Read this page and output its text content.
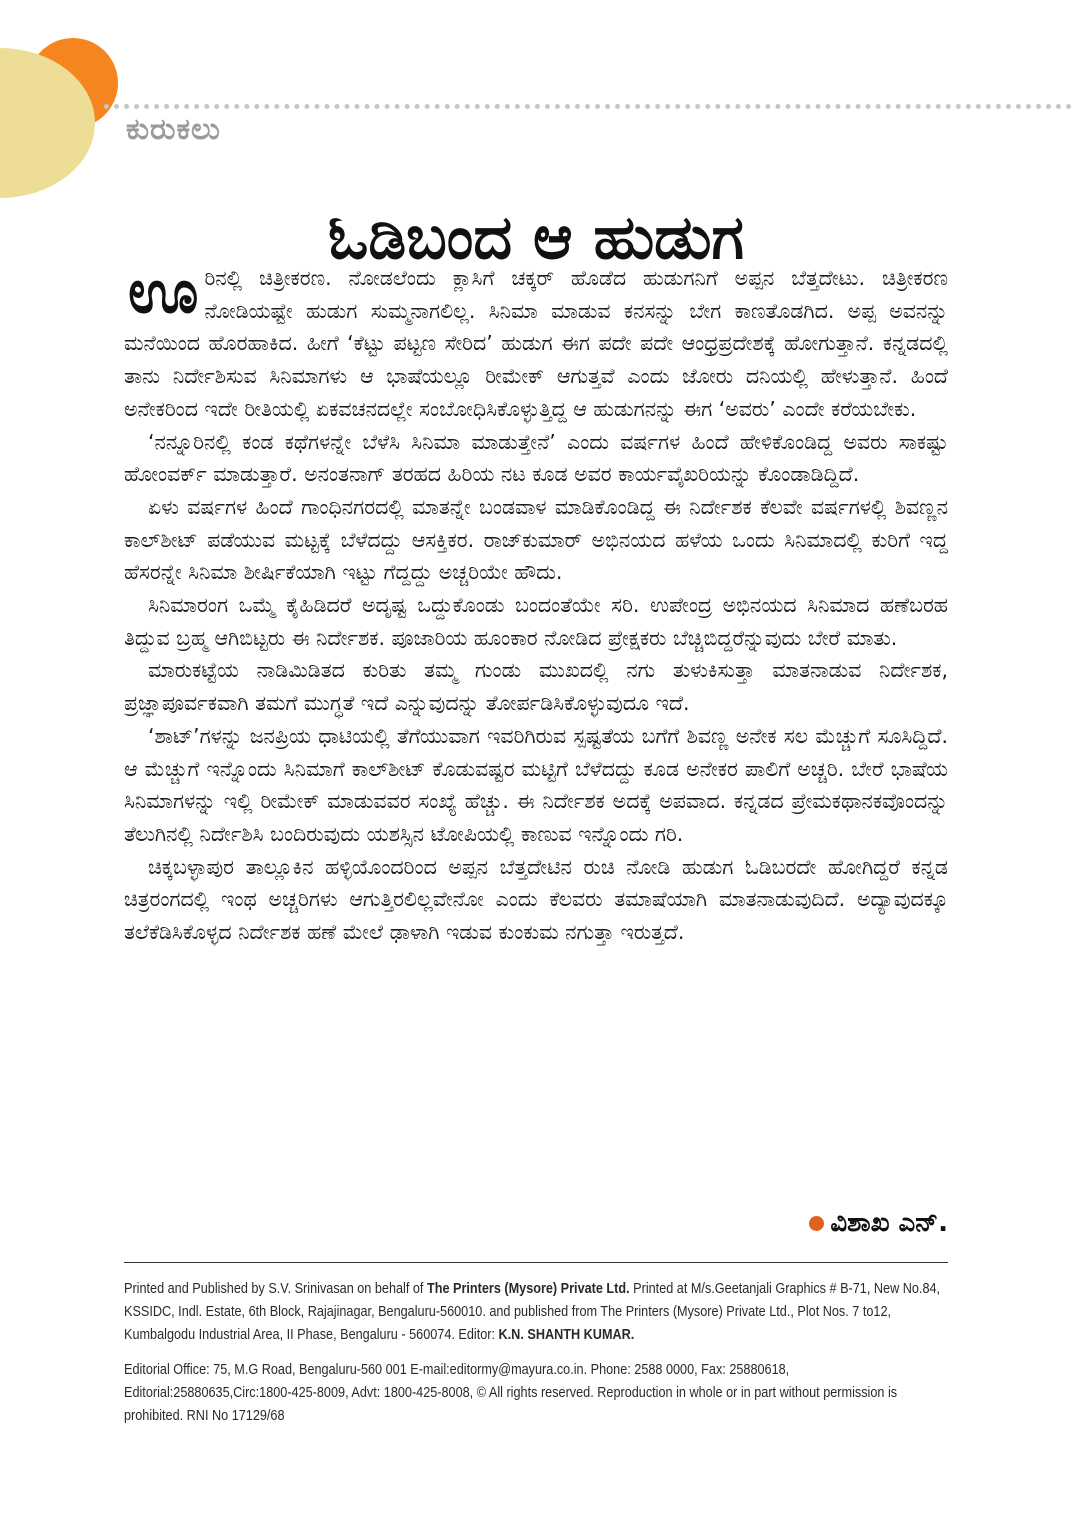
ಕುರುಕಲು
ಓಡಿಬಂದ ಆ ಹುಡುಗ

ಊರಿನಲ್ಲಿ ಚಿತ್ರೀಕರಣ. ನೋಡಲೆಂದು ಕ್ಲಾಸಿಗೆ ಚಕ್ಕರ್ ಹೊಡೆದ ಹುಡುಗನಿಗೆ ಅಪ್ಪನ ಬೆತ್ತದೇಟು. ಚಿತ್ರೀಕರಣ ನೋಡಿಯಷ್ಟೇ ಹುಡುಗ ಸುಮ್ಮನಾಗಲಿಲ್ಲ. ಸಿನಿಮಾ ಮಾಡುವ ಕನಸನ್ನು ಬೇಗ ಕಾಣತೊಡಗಿದ. ಅಪ್ಪ ಅವನನ್ನು ಮನೆಯಿಂದ ಹೊರಹಾಕಿದ. ಹೀಗೆ ‘ಕೆಟ್ಟು ಪಟ್ಟಣ ಸೇರಿದ’ ಹುಡುಗ ಈಗ ಪದೇ ಪದೇ ಆಂಧ್ರಪ್ರದೇಶಕ್ಕೆ ಹೋಗುತ್ತಾನೆ. ಕನ್ನಡದಲ್ಲಿ ತಾನು ನಿರ್ದೇಶಿಸುವ ಸಿನಿಮಾಗಳು ಆ ಭಾಷೆಯಲ್ಲೂ ರೀಮೇಕ್ ಆಗುತ್ತವೆ ಎಂದು ಜೋರು ದನಿಯಲ್ಲಿ ಹೇಳುತ್ತಾನೆ. ಹಿಂದೆ ಅನೇಕರಿಂದ ಇದೇ ರೀತಿಯಲ್ಲಿ ಏಕವಚನದಲ್ಲೇ ಸಂಬೋಧಿಸಿಕೊಳ್ಳುತ್ತಿದ್ದ ಆ ಹುಡುಗನನ್ನು ಈಗ ‘ಅವರು’ ಎಂದೇ ಕರೆಯಬೇಕು.

‘ನನ್ನೂರಿನಲ್ಲಿ ಕಂಡ ಕಥೆಗಳನ್ನೇ ಬೆಳೆಸಿ ಸಿನಿಮಾ ಮಾಡುತ್ತೇನೆ’ ಎಂದು ವರ್ಷಗಳ ಹಿಂದೆ ಹೇಳಿಕೊಂಡಿದ್ದ ಅವರು ಸಾಕಷ್ಟು ಹೋಂವರ್ಕ್ ಮಾಡುತ್ತಾರೆ. ಅನಂತನಾಗ್ ತರಹದ ಹಿರಿಯ ನಟ ಕೂಡ ಅವರ ಕಾರ್ಯವೈಖರಿಯನ್ನು ಕೊಂಡಾಡಿದ್ದಿದೆ.

ಏಳು ವರ್ಷಗಳ ಹಿಂದೆ ಗಾಂಧಿನಗರದಲ್ಲಿ ಮಾತನ್ನೇ ಬಂಡವಾಳ ಮಾಡಿಕೊಂಡಿದ್ದ ಈ ನಿರ್ದೇಶಕ ಕೆಲವೇ ವರ್ಷಗಳಲ್ಲಿ ಶಿವಣ್ಣನ ಕಾಲ್‌ಶೀಟ್ ಪಡೆಯುವ ಮಟ್ಟಕ್ಕೆ ಬೆಳೆದದ್ದು ಆಸಕ್ತಿಕರ. ರಾಜ್‌ಕುಮಾರ್ ಅಭಿನಯದ ಹಳೆಯ ಒಂದು ಸಿನಿಮಾದಲ್ಲಿ ಕುರಿಗೆ ಇದ್ದ ಹೆಸರನ್ನೇ ಸಿನಿಮಾ ಶೀರ್ಷಿಕೆಯಾಗಿ ಇಟ್ಟು ಗೆದ್ದದ್ದು ಅಚ್ಚರಿಯೇ ಹೌದು.

ಸಿನಿಮಾರಂಗ ಒಮ್ಮೆ ಕೈಹಿಡಿದರೆ ಅದೃಷ್ಟ ಒದ್ದುಕೊಂಡು ಬಂದಂತೆಯೇ ಸರಿ. ಉಪೇಂದ್ರ ಅಭಿನಯದ ಸಿನಿಮಾದ ಹಣೆಬರಹ ತಿದ್ದುವ ಬ್ರಹ್ಮ ಆಗಿಬಿಟ್ಟರು ಈ ನಿರ್ದೇಶಕ. ಪೂಜಾರಿಯ ಹೂಂಕಾರ ನೋಡಿದ ಪ್ರೇಕ್ಷಕರು ಬೆಚ್ಚಿಬಿದ್ದರೆನ್ನುವುದು ಬೇರೆ ಮಾತು.

ಮಾರುಕಟ್ಟೆಯ ನಾಡಿಮಿಡಿತದ ಕುರಿತು ತಮ್ಮ ಗುಂಡು ಮುಖದಲ್ಲಿ ನಗು ತುಳುಕಿಸುತ್ತಾ ಮಾತನಾಡುವ ನಿರ್ದೇಶಕ, ಪ್ರಜ್ಞಾಪೂರ್ವಕವಾಗಿ ತಮಗೆ ಮುಗ್ಧತೆ ಇದೆ ಎನ್ನುವುದನ್ನು ತೋರ್ಪಡಿಸಿಕೊಳ್ಳುವುದೂ ಇದೆ.

‘ಶಾಟ್’ಗಳನ್ನು ಜನಪ್ರಿಯ ಧಾಟಿಯಲ್ಲಿ ತೆಗೆಯುವಾಗ ಇವರಿಗಿರುವ ಸ್ಪಷ್ಟತೆಯ ಬಗೆಗೆ ಶಿವಣ್ಣ ಅನೇಕ ಸಲ ಮೆಚ್ಚುಗೆ ಸೂಸಿದ್ದಿದೆ. ಆ ಮೆಚ್ಚುಗೆ ಇನ್ನೊಂದು ಸಿನಿಮಾಗೆ ಕಾಲ್‌ಶೀಟ್ ಕೊಡುವಷ್ಟರ ಮಟ್ಟಿಗೆ ಬೆಳೆದದ್ದು ಕೂಡ ಅನೇಕರ ಪಾಲಿಗೆ ಅಚ್ಚರಿ. ಬೇರೆ ಭಾಷೆಯ ಸಿನಿಮಾಗಳನ್ನು ಇಲ್ಲಿ ರೀಮೇಕ್ ಮಾಡುವವರ ಸಂಖ್ಯೆ ಹೆಚ್ಚು. ಈ ನಿರ್ದೇಶಕ ಅದಕ್ಕೆ ಅಪವಾದ. ಕನ್ನಡದ ಪ್ರೇಮಕಥಾನಕವೊಂದನ್ನು ತೆಲುಗಿನಲ್ಲಿ ನಿರ್ದೇಶಿಸಿ ಬಂದಿರುವುದು ಯಶಸ್ಸಿನ ಟೋಪಿಯಲ್ಲಿ ಕಾಣುವ ಇನ್ನೊಂದು ಗರಿ.

ಚಿಕ್ಕಬಳ್ಳಾಪುರ ತಾಲ್ಲೂಕಿನ ಹಳ್ಳಿಯೊಂದರಿಂದ ಅಪ್ಪನ ಬೆತ್ತದೇಟಿನ ರುಚಿ ನೋಡಿ ಹುಡುಗ ಓಡಿಬರದೇ ಹೋಗಿದ್ದರೆ ಕನ್ನಡ ಚಿತ್ರರಂಗದಲ್ಲಿ ಇಂಥ ಅಚ್ಚರಿಗಳು ಆಗುತ್ತಿರಲಿಲ್ಲವೇನೋ ಎಂದು ಕೆಲವರು ತಮಾಷೆಯಾಗಿ ಮಾತನಾಡುವುದಿದೆ. ಅದ್ಯಾವುದಕ್ಕೂ ತಲೆಕೆಡಿಸಿಕೊಳ್ಳದ ನಿರ್ದೇಶಕ ಹಣೆ ಮೇಲೆ ಢಾಳಾಗಿ ಇಡುವ ಕುಂಕುಮ ನಗುತ್ತಾ ಇರುತ್ತದೆ.

ವಿಶಾಖ ಎನ್.

Printed and Published by S.V. Srinivasan on behalf of The Printers (Mysore) Private Ltd. Printed at M/s.Geetanjali Graphics # B-71, New No.84, KSSIDC, Indl. Estate, 6th Block, Rajajinagar, Bengaluru-560010. and published from The Printers (Mysore) Private Ltd., Plot Nos. 7 to12, Kumbalgodu Industrial Area, II Phase, Bengaluru - 560074. Editor: K.N. SHANTH KUMAR.

Editorial Office: 75, M.G Road, Bengaluru-560 001 E-mail:editormy@mayura.co.in. Phone: 2588 0000, Fax: 25880618, Editorial:25880635,Circ:1800-425-8009, Advt: 1800-425-8008, © All rights reserved. Reproduction in whole or in part without permission is prohibited. RNI No 17129/68
